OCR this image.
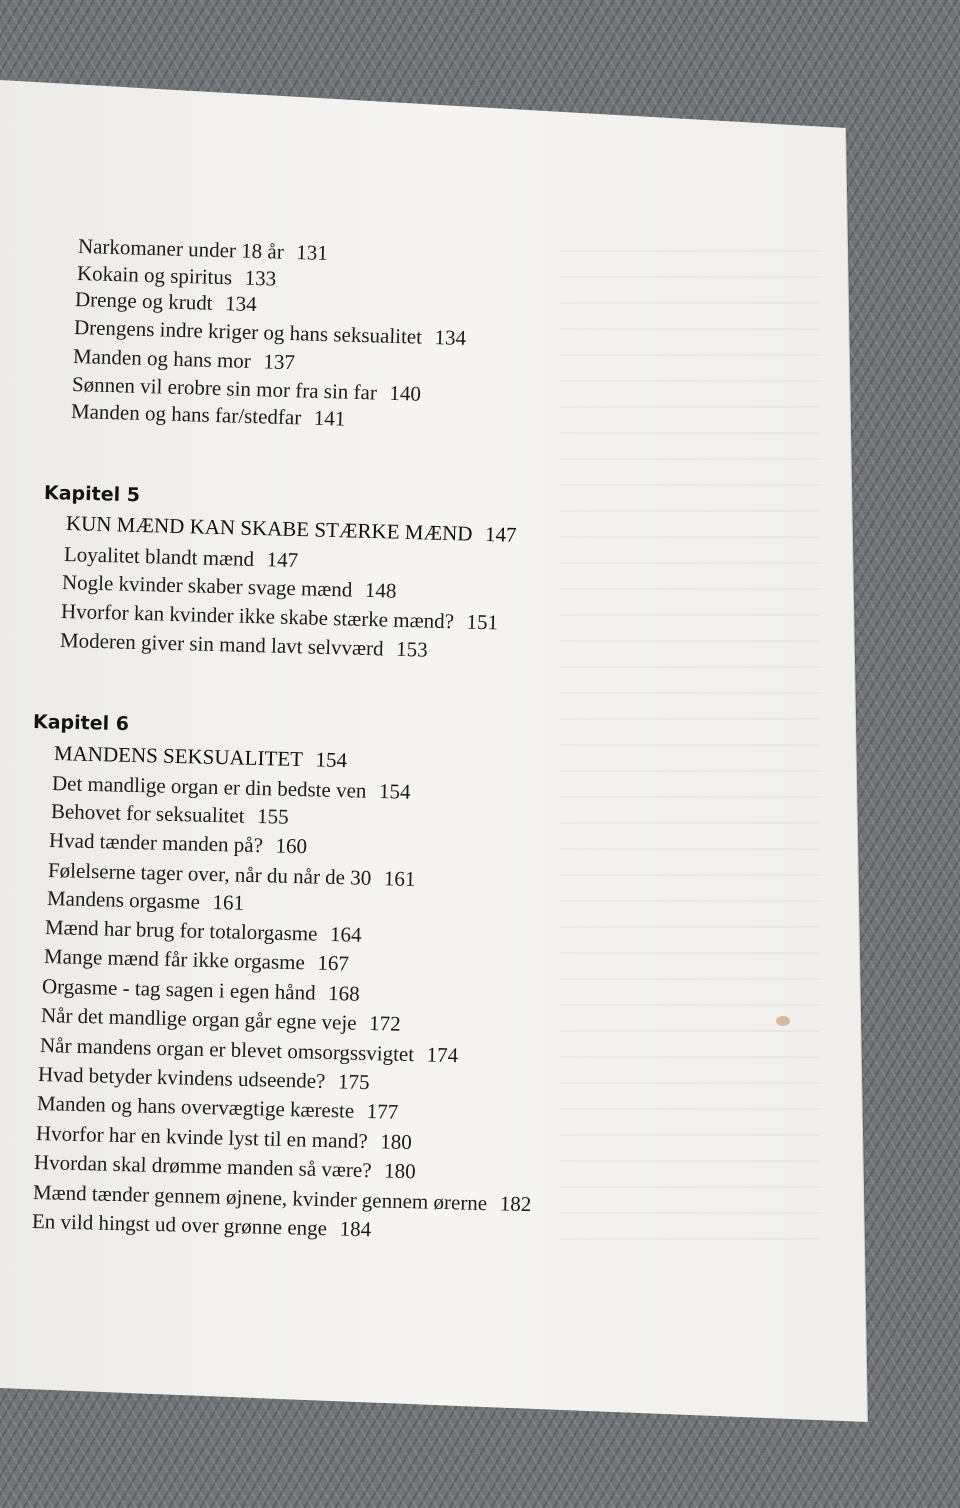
Narkomaner under 18 år 131
Kokain og spiritus 133
Drenge og krudt 134
Drengens indre kriger og hans seksualitet 134
Manden og hans mor 137
Sønnen vil erobre sin mor fra sin far 140
Manden og hans far/stedfar 141
Kapitel 5
KUN MÆND KAN SKABE STÆRKE MÆND 147
Loyalitet blandt mænd 147
Nogle kvinder skaber svage mænd 148
Hvorfor kan kvinder ikke skabe stærke mænd? 151
Moderen giver sin mand lavt selvværd 153
Kapitel 6
MANDENS SEKSUALITET 154
Det mandlige organ er din bedste ven 154
Behovet for seksualitet 155
Hvad tænder manden på? 160
Følelserne tager over, når du når de 30 161
Mandens orgasme 161
Mænd har brug for totalorgasme 164
Mange mænd får ikke orgasme 167
Orgasme - tag sagen i egen hånd 168
Når det mandlige organ går egne veje 172
Når mandens organ er blevet omsorgssvigtet 174
Hvad betyder kvindens udseende? 175
Manden og hans overvægtige kæreste 177
Hvorfor har en kvinde lyst til en mand? 180
Hvordan skal drømme manden så være? 180
Mænd tænder gennem øjnene, kvinder gennem ørerne 182
En vild hingst ud over grønne enge 184
